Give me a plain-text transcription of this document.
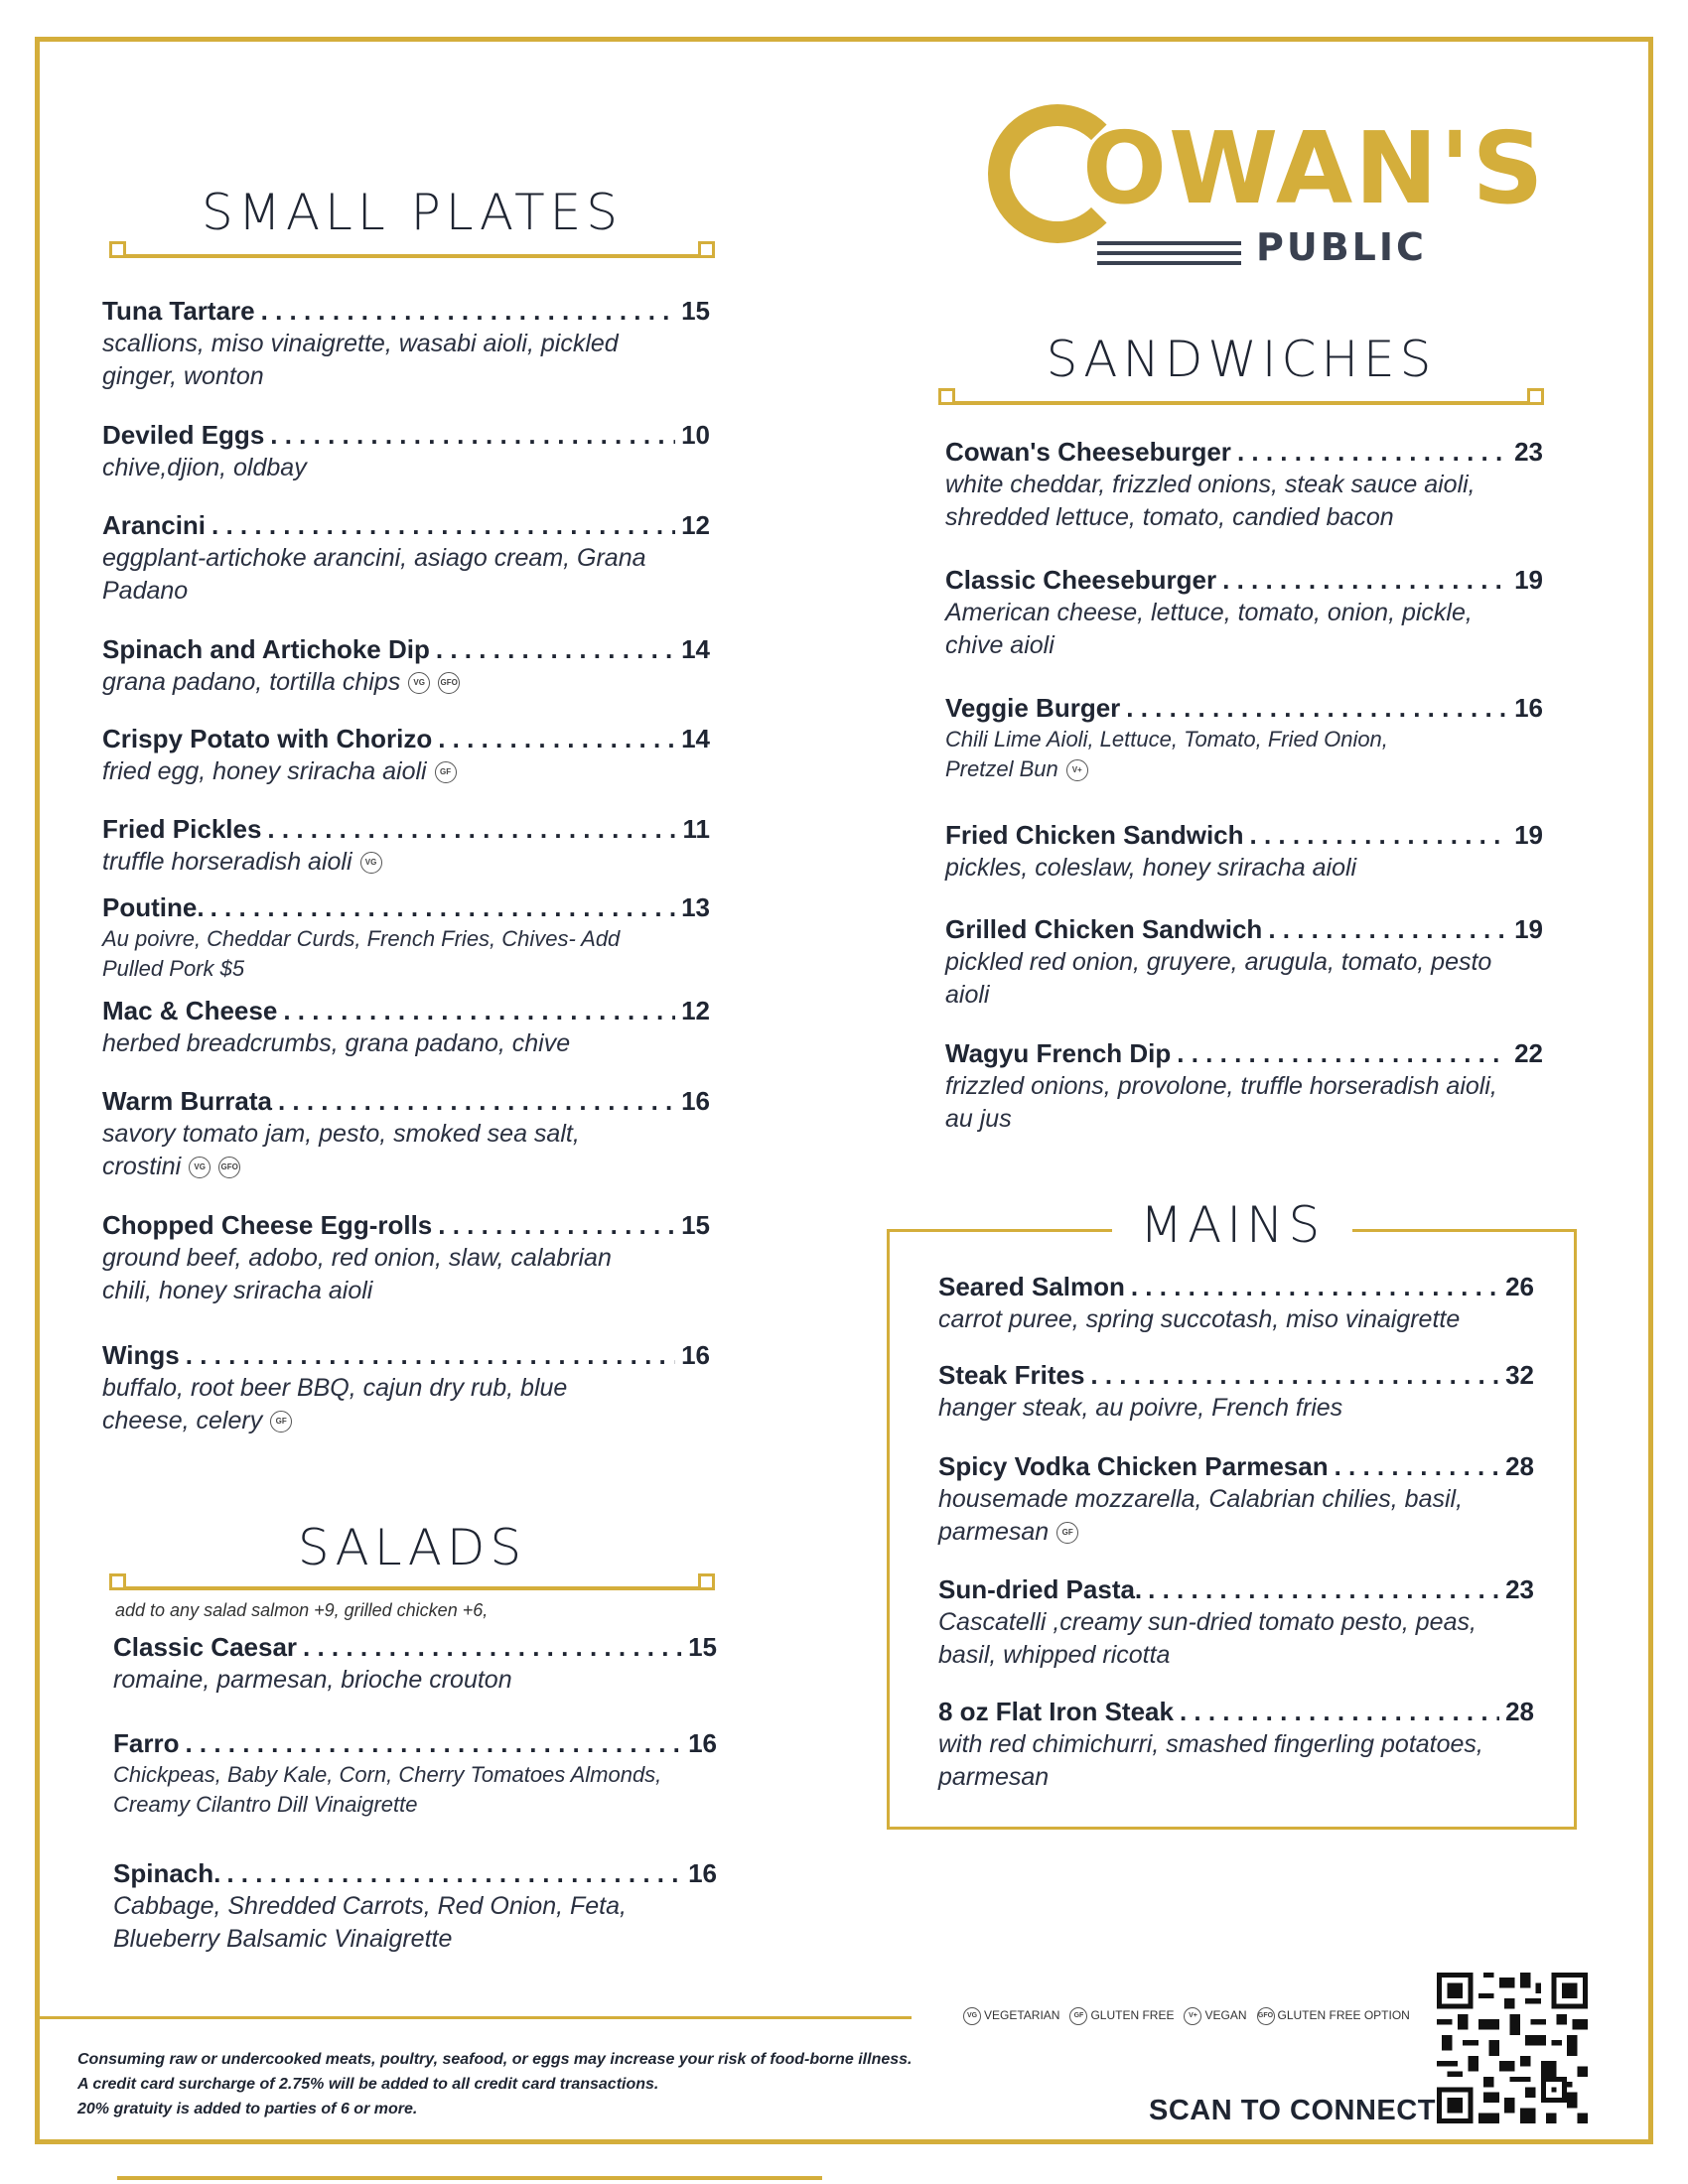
OWAN'S
PUBLIC
SMALL PLATES
Tuna Tartare . . .	15
scallions, miso vinaigrette, wasabi aioli, pickled ginger, wonton
Deviled Eggs . . .	10
chive,djion, oldbay
Arancini . . .	12
eggplant-artichoke arancini, asiago cream, Grana Padano
Spinach and Artichoke Dip . . .	14
grana padano, tortilla chips VG GFO
Crispy Potato with Chorizo . . .	14
fried egg, honey sriracha aioli GF
Fried Pickles . . .	11
truffle horseradish aioli VG
Poutine. . . .	13
Au poivre, Cheddar Curds, French Fries, Chives- Add Pulled Pork $5
Mac & Cheese . . .	12
herbed breadcrumbs, grana padano, chive
Warm Burrata . . .	16
savory tomato jam, pesto, smoked sea salt, crostini VG GFO
Chopped Cheese Egg-rolls . . .	15
ground beef, adobo, red onion, slaw, calabrian chili, honey sriracha aioli
Wings . . .	16
buffalo, root beer BBQ, cajun dry rub, blue cheese, celery GF
SALADS
add to any salad salmon +9, grilled chicken +6,
Classic Caesar . . .	15
romaine, parmesan, brioche crouton
Farro . . .	16
Chickpeas, Baby Kale, Corn, Cherry Tomatoes Almonds, Creamy Cilantro Dill Vinaigrette
Spinach. . . .	16
Cabbage, Shredded Carrots, Red Onion, Feta, Blueberry Balsamic Vinaigrette
SANDWICHES
Cowan's Cheeseburger . . .	23
white cheddar, frizzled onions, steak sauce aioli, shredded lettuce, tomato, candied bacon
Classic Cheeseburger . . .	19
American cheese, lettuce, tomato, onion, pickle, chive aioli
Veggie Burger . . .	16
Chili Lime Aioli, Lettuce, Tomato, Fried Onion, Pretzel Bun V+
Fried Chicken Sandwich . . .	19
pickles, coleslaw, honey sriracha aioli
Grilled Chicken Sandwich . . .	19
pickled red onion, gruyere, arugula, tomato, pesto aioli
Wagyu French Dip . . .	22
frizzled onions, provolone, truffle horseradish aioli, au jus
MAINS
Seared Salmon . . .	26
carrot puree, spring succotash, miso vinaigrette
Steak Frites . . .	32
hanger steak, au poivre, French fries
Spicy Vodka Chicken Parmesan . . .	28
housemade mozzarella, Calabrian chilies, basil, parmesan GF
Sun-dried Pasta. . . .	23
Cascatelli ,creamy sun-dried tomato pesto, peas, basil, whipped ricotta
8 oz Flat Iron Steak . . .	28
with red chimichurri, smashed fingerling potatoes, parmesan
Consuming raw or undercooked meats, poultry, seafood, or eggs may increase your risk of food-borne illness.
A credit card surcharge of 2.75% will be added to all credit card transactions.
20% gratuity is added to parties of 6 or more.
VG VEGETARIAN	GF GLUTEN FREE	V+ VEGAN GFO GLUTEN FREE OPTION
SCAN TO CONNECT
